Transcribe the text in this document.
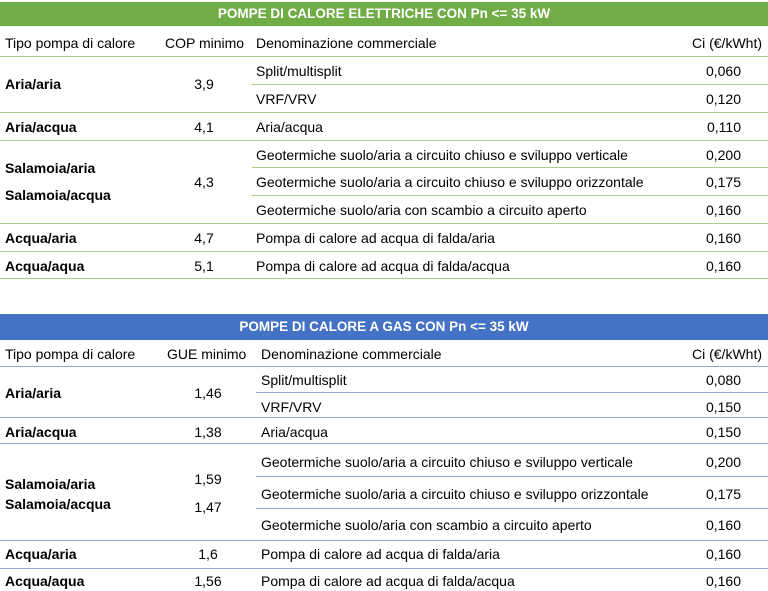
POMPE DI CALORE ELETTRICHE CON Pn <= 35 kW
Tipo pompa di calore COP minimo Denominazione commerciale	Ci (€/kWht)
Aria/aria
Aria/acqua
Salamoia/aria
Salamoia/acqua
Acqua/aria
Acqua/aqua
3,9
4,1
4,3
4,7
5,1
Split/multisplit
VRF/VRV
Aria/acqua
Geotermiche suolo/aria a circuito chiuso e sviluppo verticale
Geotermiche suolo/aria a circuito chiuso e sviluppo orizzontale
Geotermiche suolo/aria con scambio a circuito aperto
Pompa di calore ad acqua di falda/aria
Pompa di calore ad acqua di falda/acqua
0,060
0,120
0,110
0,200
0,175
0,160
0,160
0,160
POMPE DI CALORE A GAS CON Pn <= 35 kW
Tipo pompa di calore GUE minimo Denominazione commerciale	Ci (€/kWht)
Aria/aria
Aria/acqua
Salamoia/aria
Salamoia/acqua
Acqua/aria
Acqua/aqua
1,46
1,38
1,59
1,47
1,6
1,56
Split/multisplit
VRF/VRV
Aria/acqua
Geotermiche suolo/aria a circuito chiuso e sviluppo verticale
Geotermiche suolo/aria a circuito chiuso e sviluppo orizzontale
Geotermiche suolo/aria con scambio a circuito aperto
Pompa di calore ad acqua di falda/aria
Pompa di calore ad acqua di falda/acqua
0,080
0,150
0,150
0,200
0,175
0,160
0,160
0,160
